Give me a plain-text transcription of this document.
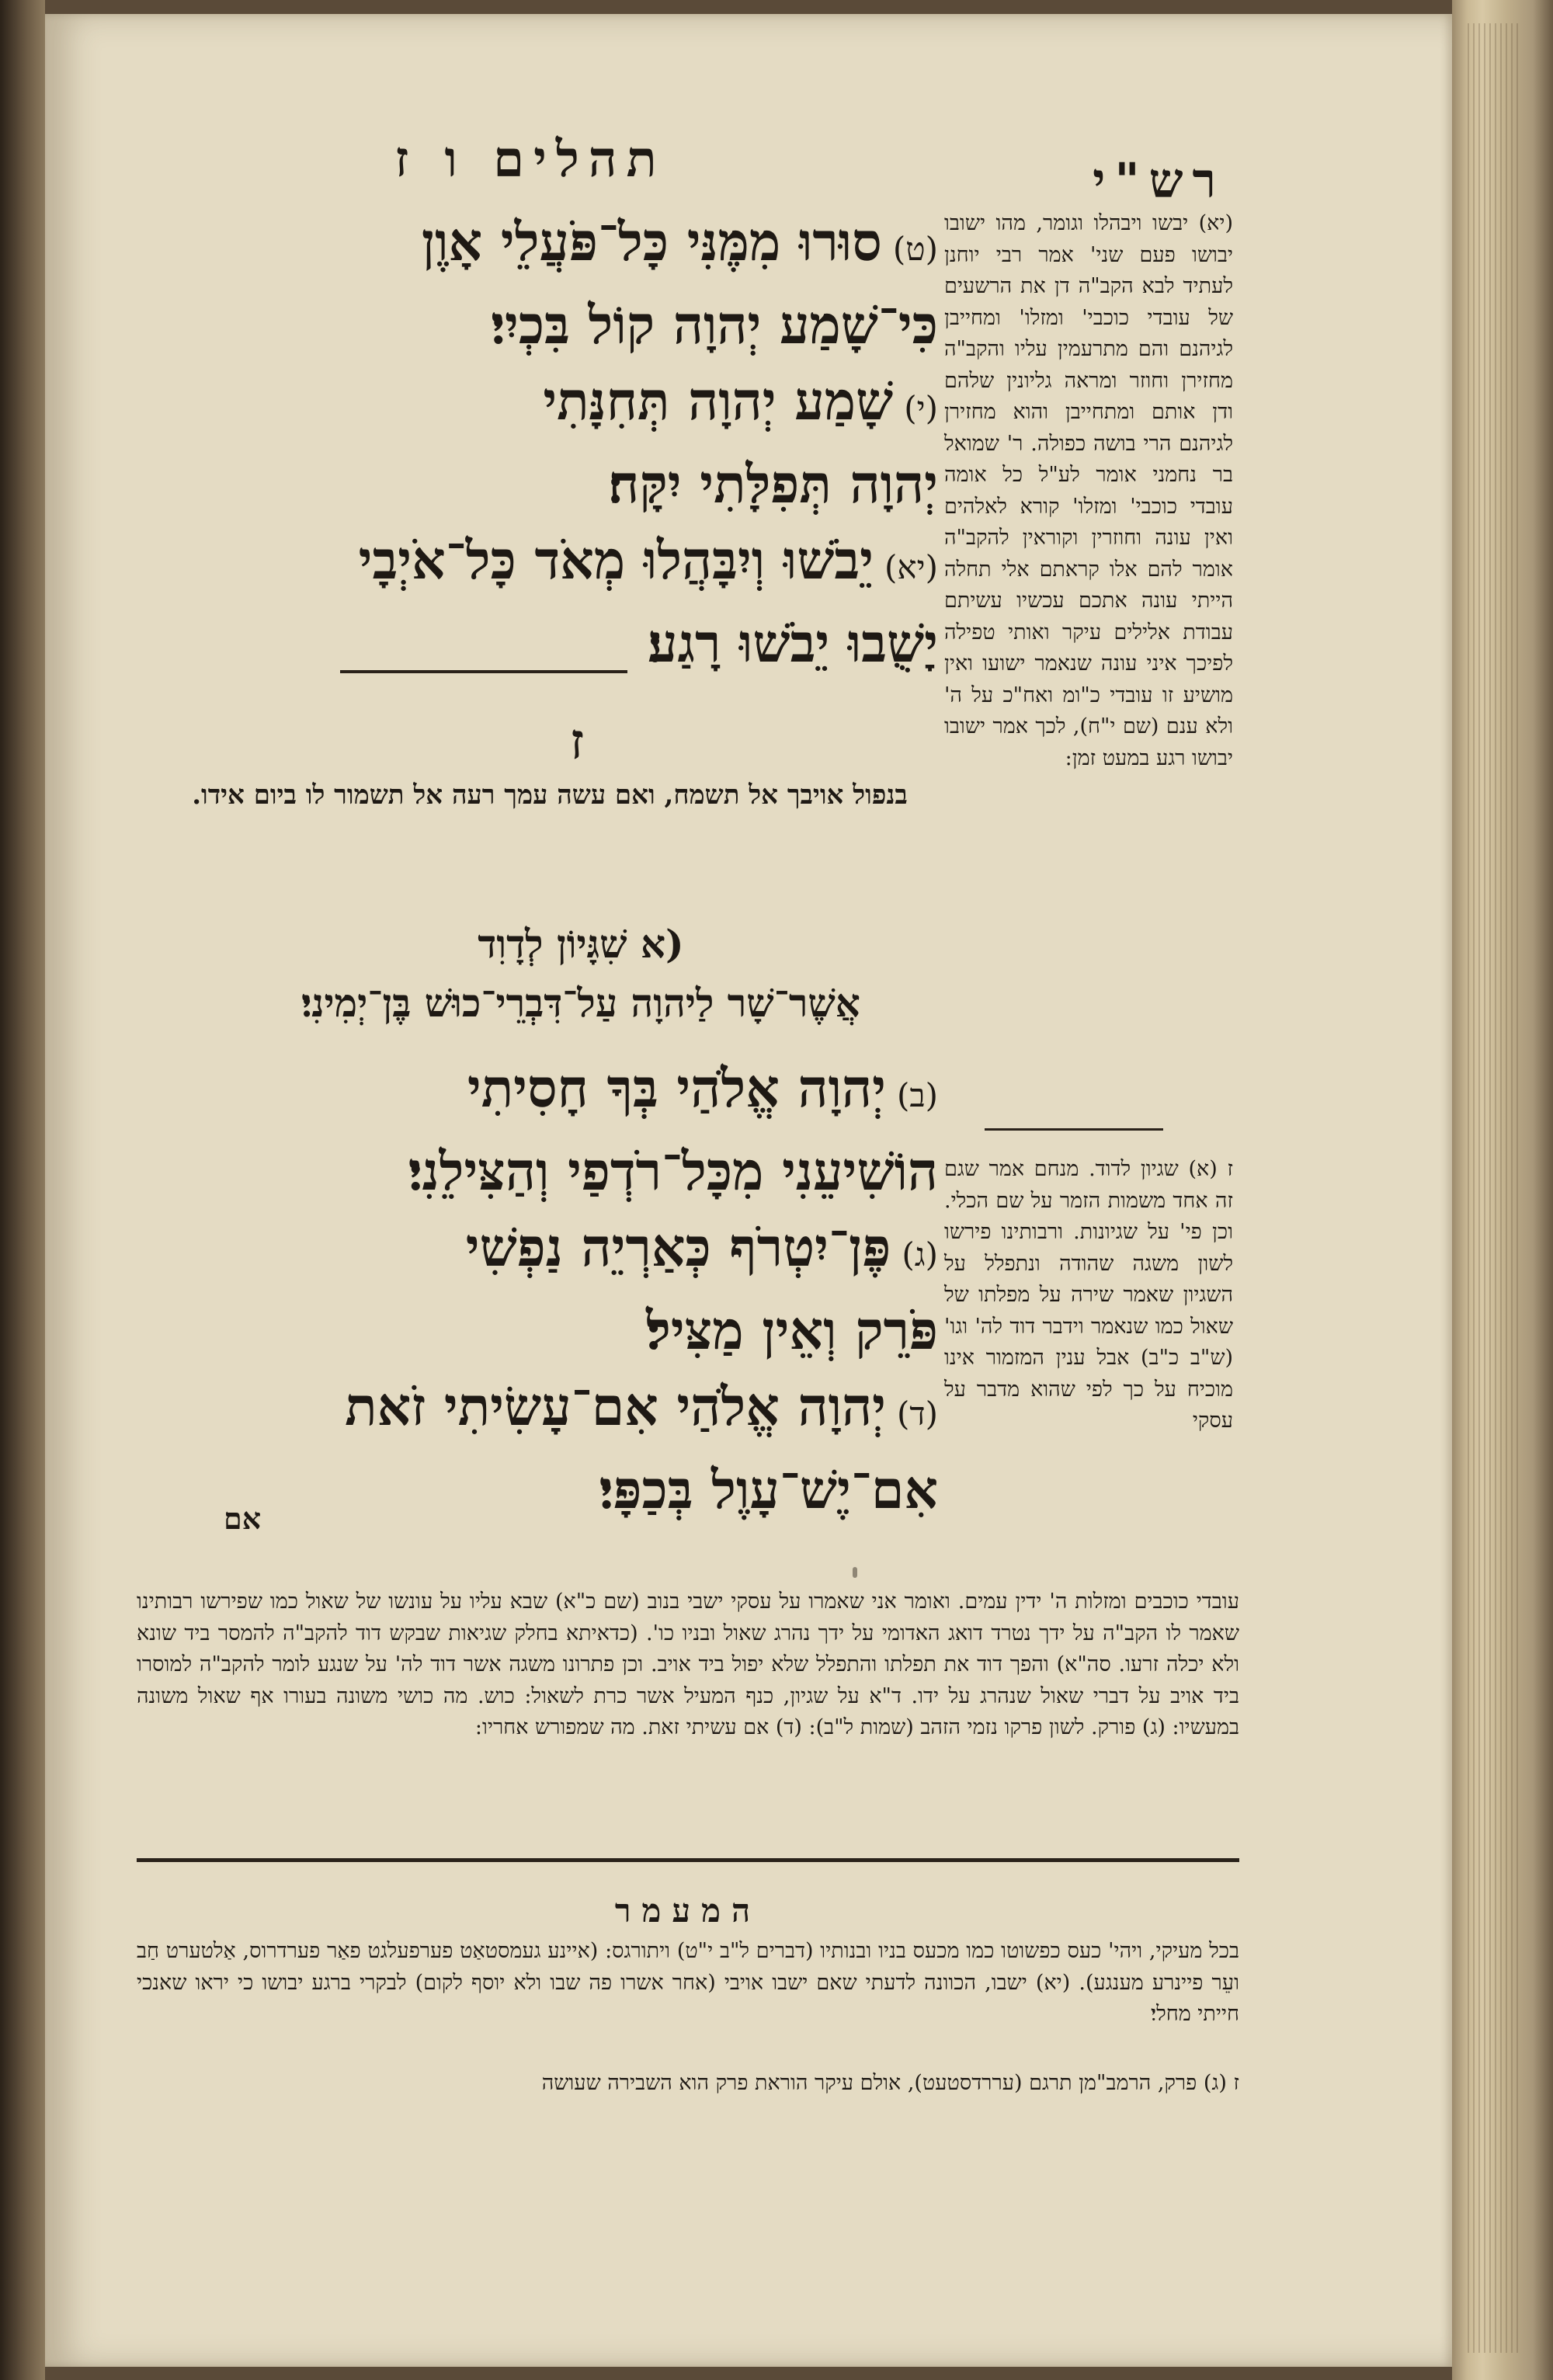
רש"י
תהלים ו ז
(ט)סוּרוּ מִמֶּנִּי כָּל־פֹּעֲלֵי אָוֶן
כִּי־שָׁמַע יְהוָה קוֹל בִּכְיִי׃
(י)שָׁמַע יְהוָה תְּחִנָּתִי
יְהוָה תְּפִלָּתִי יִקָּח׃
(יא)יֵבֹשׁוּ וְיִבָּהֲלוּ מְאֹד כָּל־אֹיְבָי
יָשֻׁבוּ יֵבֹשׁוּ רָגַע׃
ז
בנפול אויבך אל תשמח, ואם עשה עמך רעה אל תשמור לו ביום אידו.
(א שִׁגָּיוֹן לְדָוִד
אֲשֶׁר־שָׁר לַיהוָה עַל־דִּבְרֵי־כוּשׁ בֶּן־יְמִינִי׃
(ב)יְהוָה אֱלֹהַי בְּךָ חָסִיתִי
הוֹשִׁיעֵנִי מִכָּל־רֹדְפַי וְהַצִּילֵנִי׃
(ג)פֶּן־יִטְרֹף כְּאַרְיֵה נַפְשִׁי
פֹּרֵק וְאֵין מַצִּיל׃
(ד)יְהוָה אֱלֹהַי אִם־עָשִׂיתִי זֹאת
אִם־יֶשׁ־עָוֶל בְּכַפָּי׃
אם

(יא) יבשו ויבהלו וגומר, מהו ישובו יבושו פעם שני' אמר רבי יוחנן לעתיד לבא הקב"ה דן את הרשעים של עובדי כוכבי' ומזלו' ומחייבן לגיהנם והם מתרעמין עליו והקב"ה מחזירן וחוזר ומראה גליונין שלהם ודן אותם ומתחייבן והוא מחזירן לגיהנם הרי בושה כפולה. ר' שמואל בר נחמני אומר לע"ל כל אומה עובדי כוכבי' ומזלו' קורא לאלהים ואין עונה וחוזרין וקוראין להקב"ה אומר להם אלו קראתם אלי תחלה הייתי עונה אתכם עכשיו עשיתם עבודת אלילים עיקר ואותי טפילה לפיכך איני עונה שנאמר ישועו ואין מושיע זו עובדי כ"ומ ואח"כ על ה' ולא ענם (שם י"ח), לכך אמר ישובו יבושו רגע במעט זמן:

ז (א) שגיון לדוד. מנחם אמר שגם זה אחד משמות הזמר על שם הכלי. וכן פי' על שגיונות. ורבותינו פירשו לשון משגה שהודה ונתפלל על השגיון שאמר שירה על מפלתו של שאול כמו שנאמר וידבר דוד לה' וגו' (ש"ב כ"ב) אבל ענין המזמור אינו מוכיח על כך לפי שהוא מדבר על עסקי

עובדי כוכבים ומזלות ה' ידין עמים. ואומר אני שאמרו על עסקי ישבי בנוב (שם כ"א) שבא עליו על עונשו של שאול כמו שפירשו רבותינו שאמר לו הקב"ה על ידך נטרד דואג האדומי על ידך נהרג שאול ובניו כו'. (כדאיתא בחלק שגיאות שבקש דוד להקב"ה להמסר ביד שונא ולא יכלה זרעו. סה"א) והפך דוד את תפלתו והתפלל שלא יפול ביד אויב. וכן פתרונו משגה אשר דוד לה' על שנגע לומר להקב"ה למוסרו ביד אויב על דברי שאול שנהרג על ידו. ד"א על שגיון, כנף המעיל אשר כרת לשאול: כוש. מה כושי משונה בעורו אף שאול משונה במעשיו: (ג) פורק. לשון פרקו נזמי הזהב (שמות ל"ב): (ד) אם עשיתי זאת. מה שמפורש אחריו:

המעמר

בכל מעיקי, ויהי' כעס כפשוטו כמו מכעס בניו ובנותיו (דברים ל"ב י"ט) ויתורגס: (איינע געמסטאַט פערפעלגט פאַר פערדרוס, אַלטערט חַב ועֵר פיינרע מענגע). (יא) ישבו, הכוונה לדעתי שאם ישבו אויבי (אחר אשרו פה שבו ולא יוסף לקום) לבקרי ברגע יבושו כי יראו שאנכי חייתי מחלי׃

ז (ג) פרק, הרמב"מן תרגם (עררדסטעט), אולם עיקר הוראת פרק הוא השבירה שעושה
